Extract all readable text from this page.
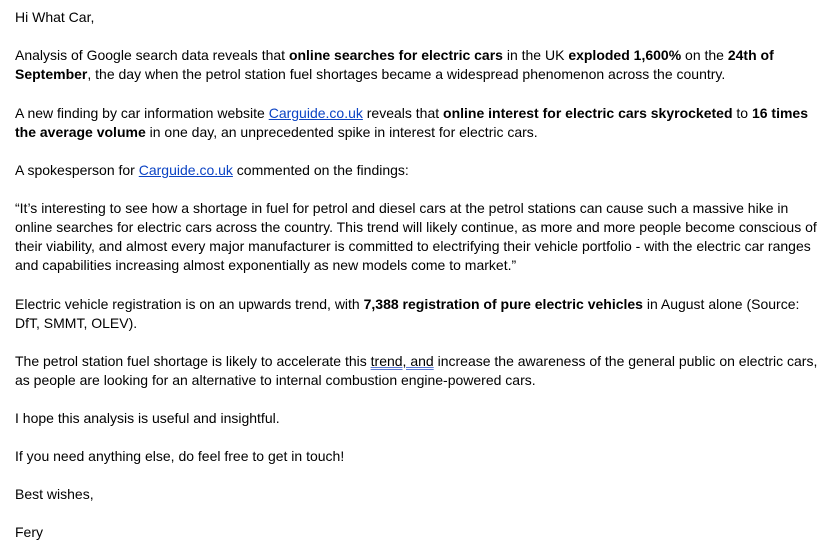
Hi What Car,

Analysis of Google search data reveals that online searches for electric cars in the UK exploded 1,600% on the 24th of September, the day when the petrol station fuel shortages became a widespread phenomenon across the country.

A new finding by car information website Carguide.co.uk reveals that online interest for electric cars skyrocketed to 16 times the average volume in one day, an unprecedented spike in interest for electric cars.

A spokesperson for Carguide.co.uk commented on the findings:

“It’s interesting to see how a shortage in fuel for petrol and diesel cars at the petrol stations can cause such a massive hike in online searches for electric cars across the country. This trend will likely continue, as more and more people become conscious of their viability, and almost every major manufacturer is committed to electrifying their vehicle portfolio - with the electric car ranges and capabilities increasing almost exponentially as new models come to market.”

Electric vehicle registration is on an upwards trend, with 7,388 registration of pure electric vehicles in August alone (Source: DfT, SMMT, OLEV).

The petrol station fuel shortage is likely to accelerate this trend, and increase the awareness of the general public on electric cars, as people are looking for an alternative to internal combustion engine-powered cars.

I hope this analysis is useful and insightful.

If you need anything else, do feel free to get in touch!

Best wishes,

Fery
